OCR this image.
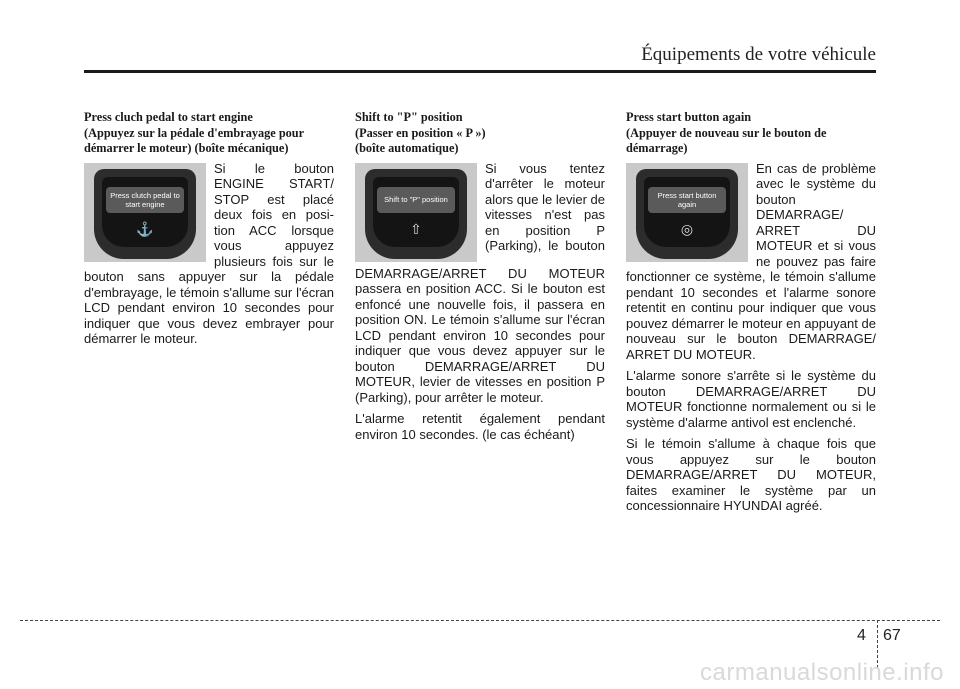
Équipements de votre véhicule
Press cluch pedal to start engine
(Appuyez sur la pédale d'embrayage pour
démarrer le moteur) (boîte mécanique)
Press clutch pedal to start engine
⚓

Si le bouton ENGINE START/ STOP est placé deux fois en posi-tion ACC lorsque vous appuyez plusieurs fois sur le bouton sans appuyer sur la pédale d'embrayage, le témoin s'allume sur l'écran LCD pendant environ 10 secondes pour indiquer que vous devez embrayer pour démarrer le moteur.

Shift to "P" position
(Passer en position « P »)
(boîte automatique)
Shift to "P" position
⇧

Si vous tentez d'arrêter le moteur alors que le levier de vitesses n'est pas en position P (Parking), le bouton DEMARRAGE/ARRET DU MOTEUR passera en position ACC. Si le bouton est enfoncé une nouvelle fois, il passera en position ON. Le témoin s'allume sur l'écran LCD pendant environ 10 secondes pour indiquer que vous devez appuyer sur le bouton DEMARRAGE/ARRET DU MOTEUR, levier de vitesses en position P (Parking), pour arrêter le moteur.

L'alarme retentit également pendant environ 10 secondes. (le cas échéant)

Press start button again
(Appuyer de nouveau sur le bouton de
démarrage)
Press start button again
◎

En cas de problème avec le système du bouton DEMARRAGE/ ARRET DU MOTEUR et si vous ne pouvez pas faire fonctionner ce système, le témoin s'allume pendant 10 secondes et l'alarme sonore retentit en continu pour indiquer que vous pouvez démarrer le moteur en appuyant de nouveau sur le bouton DEMARRAGE/ ARRET DU MOTEUR.

L'alarme sonore s'arrête si le système du bouton DEMARRAGE/ARRET DU MOTEUR fonctionne normalement ou si le système d'alarme antivol est enclenché.

Si le témoin s'allume à chaque fois que vous appuyez sur le bouton DEMARRAGE/ARRET DU MOTEUR, faites examiner le système par un concessionnaire HYUNDAI agréé.

4 67
carmanualsonline.info
